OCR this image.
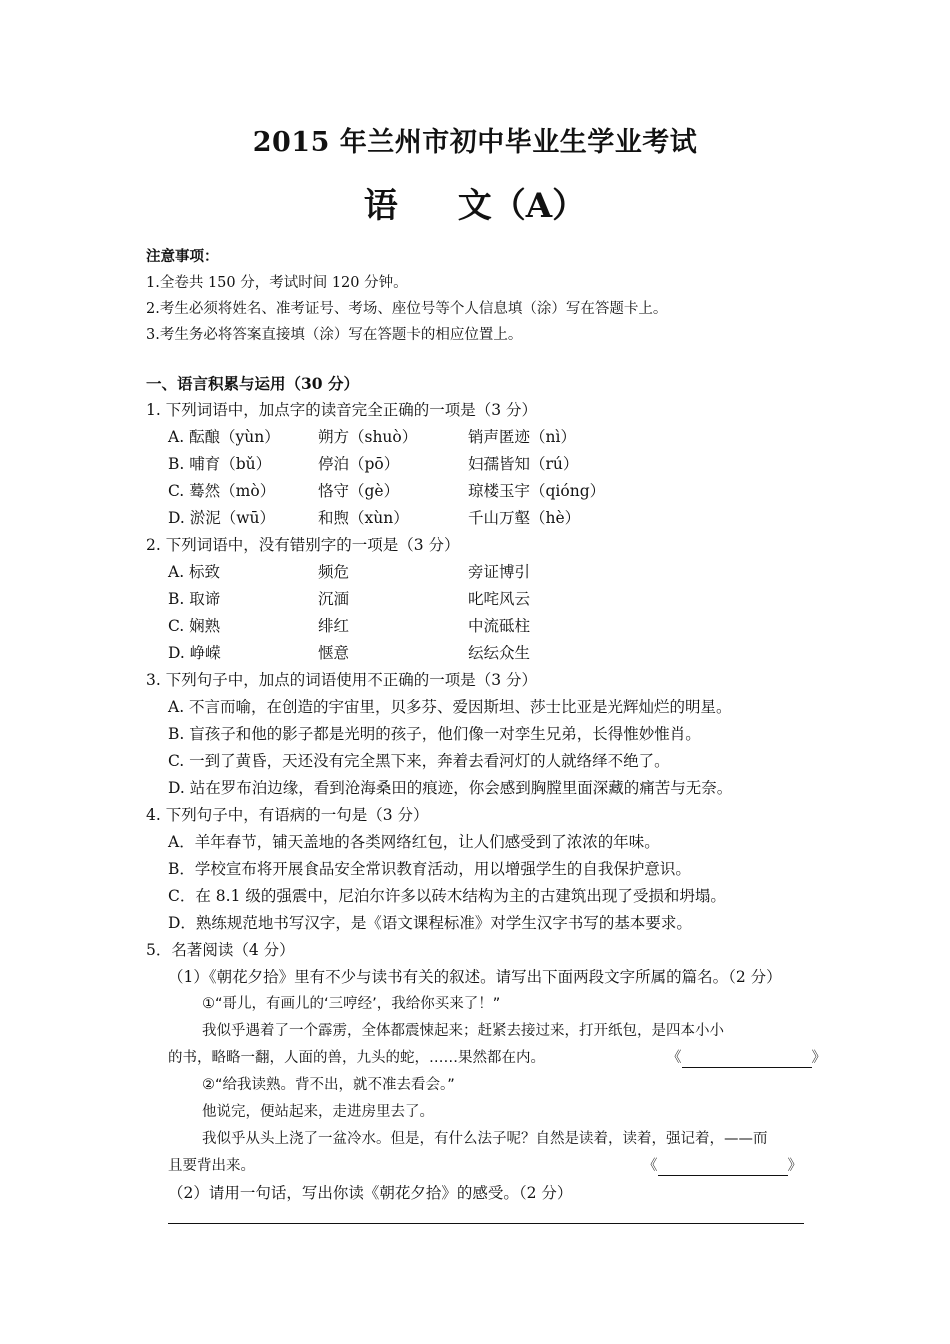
2015 年兰州市初中毕业生学业考试
语 文（A）
注意事项：
1.全卷共 150 分，考试时间 120 分钟。
2.考生必须将姓名、准考证号、考场、座位号等个人信息填（涂）写在答题卡上。
3.考生务必将答案直接填（涂）写在答题卡的相应位置上。
一、语言积累与运用（30 分）
1. 下列词语中，加点字的读音完全正确的一项是（3 分）
A. 酝酿（yùn） 朔方（shuò）	销声匿迹（nì）
B. 哺育（bǔ）	停泊（pō）	妇孺皆知（rú）
C. 蓦然（mò）	恪守（gè）	琼楼玉宇（qióng）
D. 淤泥（wū）	和煦（xùn）	千山万壑（hè）
2. 下列词语中，没有错别字的一项是（3 分）
A. 标致	频危	旁证博引
B. 取谛	沉湎	叱咤风云
C. 娴熟	绯红	中流砥柱
D. 峥嵘	惬意	纭纭众生
3. 下列句子中，加点的词语使用不正确的一项是（3 分）
A. 不言而喻，在创造的宇宙里，贝多芬、爱因斯坦、莎士比亚是光辉灿烂的明星。
B. 盲孩子和他的影子都是光明的孩子，他们像一对孪生兄弟，长得惟妙惟肖。
C. 一到了黄昏，天还没有完全黑下来，奔着去看河灯的人就络绎不绝了。
D. 站在罗布泊边缘，看到沧海桑田的痕迹，你会感到胸膛里面深藏的痛苦与无奈。
4. 下列句子中，有语病的一句是（3 分）
A．羊年春节，铺天盖地的各类网络红包，让人们感受到了浓浓的年味。
B．学校宣布将开展食品安全常识教育活动，用以增强学生的自我保护意识。
C．在 8.1 级的强震中，尼泊尔许多以砖木结构为主的古建筑出现了受损和坍塌。
D．熟练规范地书写汉字，是《语文课程标准》对学生汉字书写的基本要求。
5．名著阅读（4 分）
（1）《朝花夕拾》里有不少与读书有关的叙述。请写出下面两段文字所属的篇名。（2 分）
①“哥儿，有画儿的‘三哼经’，我给你买来了！”
我似乎遇着了一个霹雳，全体都震悚起来；赶紧去接过来，打开纸包，是四本小小
的书，略略一翻，人面的兽，九头的蛇，……果然都在内。	《	》
②“给我读熟。背不出，就不准去看会。”
他说完，便站起来，走进房里去了。
我似乎从头上浇了一盆冷水。但是，有什么法子呢？自然是读着，读着，强记着，——而
且要背出来。	《	》
（2）请用一句话，写出你读《朝花夕拾》的感受。（2 分）
